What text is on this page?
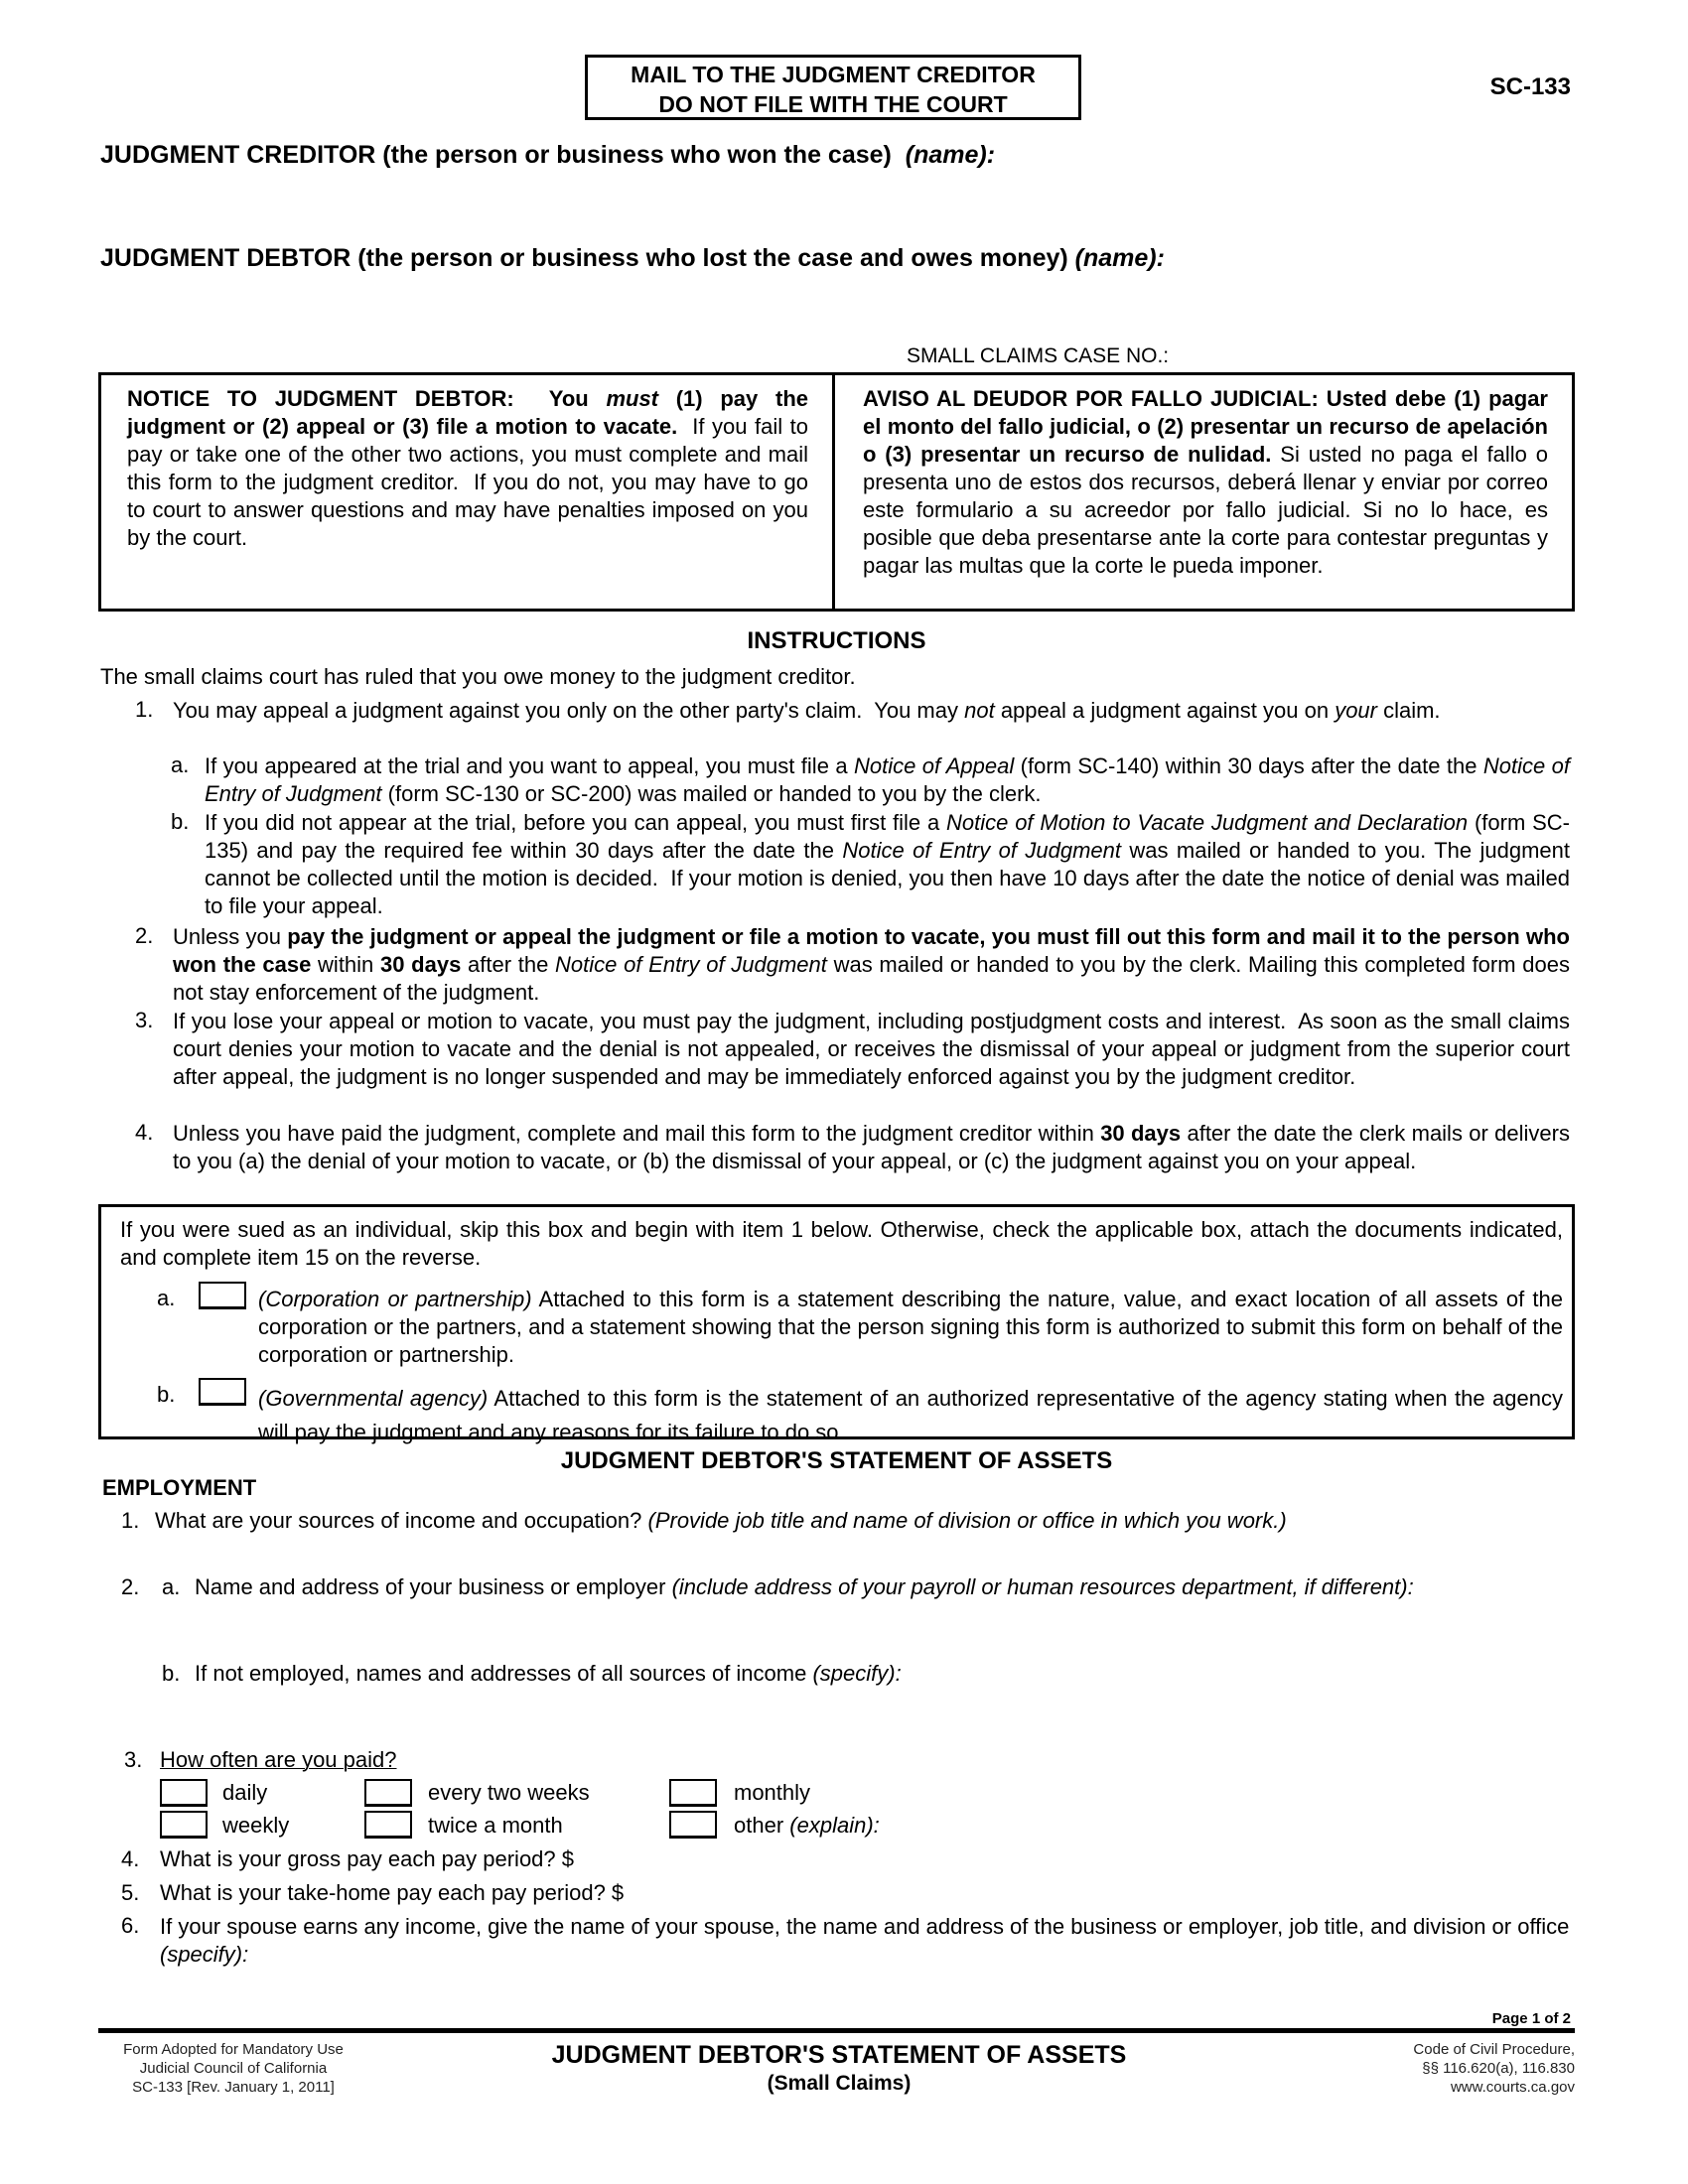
MAIL TO THE JUDGMENT CREDITOR
DO NOT FILE WITH THE COURT
SC-133
JUDGMENT CREDITOR (the person or business who won the case) (name):
JUDGMENT DEBTOR (the person or business who lost the case and owes money) (name):
SMALL CLAIMS CASE NO.:
NOTICE TO JUDGMENT DEBTOR:  You must (1) pay the judgment or (2) appeal or (3) file a motion to vacate.  If you fail to pay or take one of the other two actions, you must complete and mail this form to the judgment creditor.  If you do not, you may have to go to court to answer questions and may have penalties imposed on you by the court.
AVISO AL DEUDOR POR FALLO JUDICIAL: Usted debe (1) pagar el monto del fallo judicial, o (2) presentar un recurso de apelación o (3) presentar un recurso de nulidad. Si usted no paga el fallo o presenta uno de estos dos recursos, deberá llenar y enviar por correo este formulario a su acreedor por fallo judicial. Si no lo hace, es posible que deba presentarse ante la corte para contestar preguntas y pagar las multas que la corte le pueda imponer.
INSTRUCTIONS
The small claims court has ruled that you owe money to the judgment creditor.
1. You may appeal a judgment against you only on the other party's claim.  You may not appeal a judgment against you on your claim.
a. If you appeared at the trial and you want to appeal, you must file a Notice of Appeal (form SC-140) within 30 days after the date the Notice of Entry of Judgment (form SC-130 or SC-200) was mailed or handed to you by the clerk.
b. If you did not appear at the trial, before you can appeal, you must first file a Notice of Motion to Vacate Judgment and Declaration (form SC-135) and pay the required fee within 30 days after the date the Notice of Entry of Judgment was mailed or handed to you. The judgment cannot be collected until the motion is decided.  If your motion is denied, you then have 10 days after the date the notice of denial was mailed to file your appeal.
2. Unless you pay the judgment or appeal the judgment or file a motion to vacate, you must fill out this form and mail it to the person who won the case within 30 days after the Notice of Entry of Judgment was mailed or handed to you by the clerk. Mailing this completed form does not stay enforcement of the judgment.
3. If you lose your appeal or motion to vacate, you must pay the judgment, including postjudgment costs and interest.  As soon as the small claims court denies your motion to vacate and the denial is not appealed, or receives the dismissal of your appeal or judgment from the superior court after appeal, the judgment is no longer suspended and may be immediately enforced against you by the judgment creditor.
4. Unless you have paid the judgment, complete and mail this form to the judgment creditor within 30 days after the date the clerk mails or delivers to you (a) the denial of your motion to vacate, or (b) the dismissal of your appeal, or (c) the judgment against you on your appeal.
If you were sued as an individual, skip this box and begin with item 1 below. Otherwise, check the applicable box, attach the documents indicated, and complete item 15 on the reverse.
a.	(Corporation or partnership) Attached to this form is a statement describing the nature, value, and exact location of all assets of the corporation or the partners, and a statement showing that the person signing this form is authorized to submit this form on behalf of the corporation or partnership.
b.	(Governmental agency) Attached to this form is the statement of an authorized representative of the agency stating when the agency will pay the judgment and any reasons for its failure to do so.
JUDGMENT DEBTOR'S STATEMENT OF ASSETS
EMPLOYMENT
1. What are your sources of income and occupation? (Provide job title and name of division or office in which you work.)
2. a. Name and address of your business or employer (include address of your payroll or human resources department, if different):
b. If not employed, names and addresses of all sources of income (specify):
3. How often are you paid?
daily
weekly
every two weeks
twice a month
monthly
other (explain):
4. What is your gross pay each pay period? $
5. What is your take-home pay each pay period? $
6. If your spouse earns any income, give the name of your spouse, the name and address of the business or employer, job title, and division or office (specify):
Page 1 of 2
Form Adopted for Mandatory Use
Judicial Council of California
SC-133 [Rev. January 1, 2011]
JUDGMENT DEBTOR'S STATEMENT OF ASSETS
(Small Claims)
Code of Civil Procedure,
§§ 116.620(a), 116.830
www.courts.ca.gov
